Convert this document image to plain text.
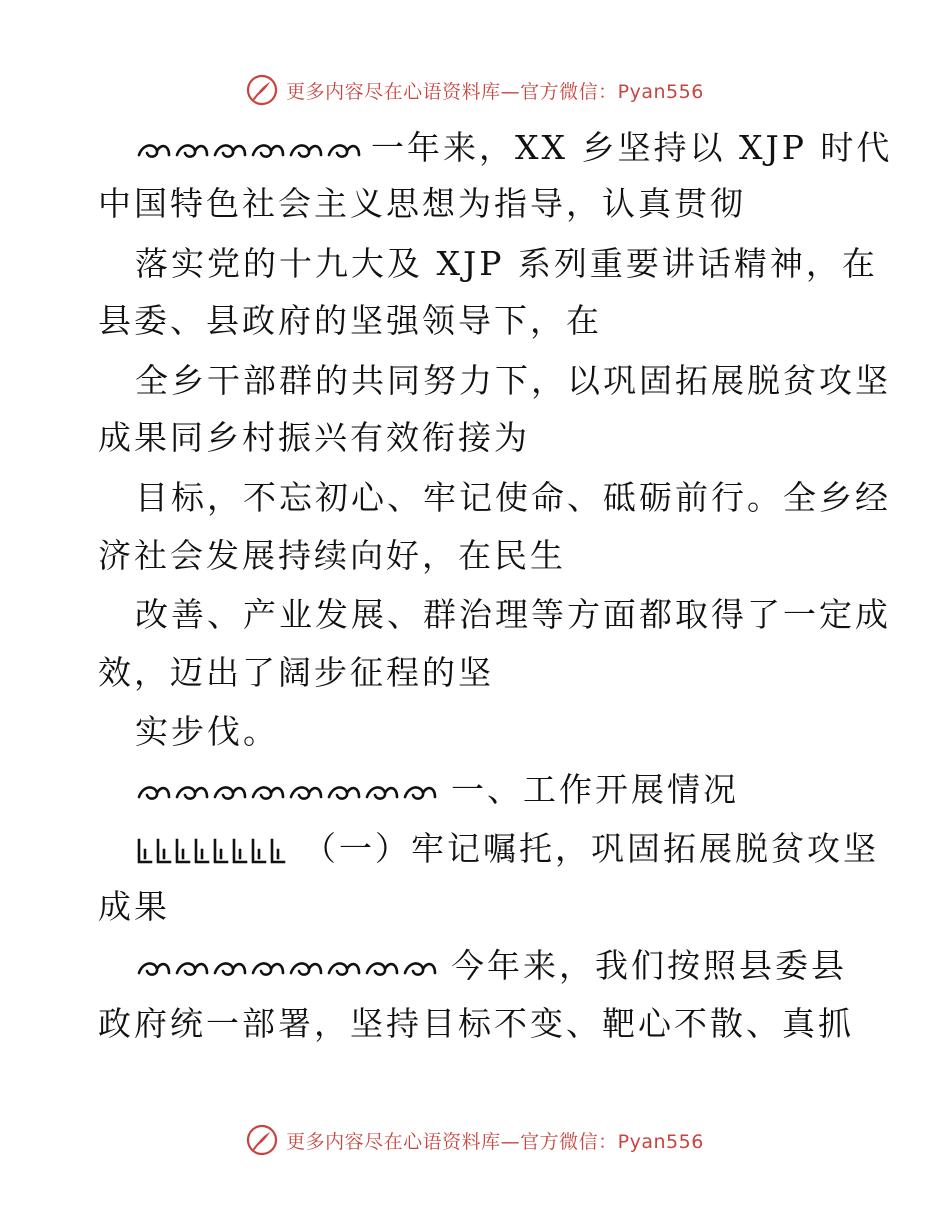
更多内容尽在心语资料库—官方微信：Pyan556
一年来，XX 乡坚持以 XJP 时代
中国特色社会主义思想为指导，认真贯彻
落实党的十九大及 XJP 系列重要讲话精神，在
县委、县政府的坚强领导下，在
全乡干部群的共同努力下，以巩固拓展脱贫攻坚
成果同乡村振兴有效衔接为
目标，不忘初心、牢记使命、砥砺前行。全乡经
济社会发展持续向好，在民生
改善、产业发展、群治理等方面都取得了一定成
效，迈出了阔步征程的坚
实步伐。
一、工作开展情况
（一）牢记嘱托，巩固拓展脱贫攻坚
成果
今年来，我们按照县委县
政府统一部署，坚持目标不变、靶心不散、真抓
更多内容尽在心语资料库—官方微信：Pyan556
